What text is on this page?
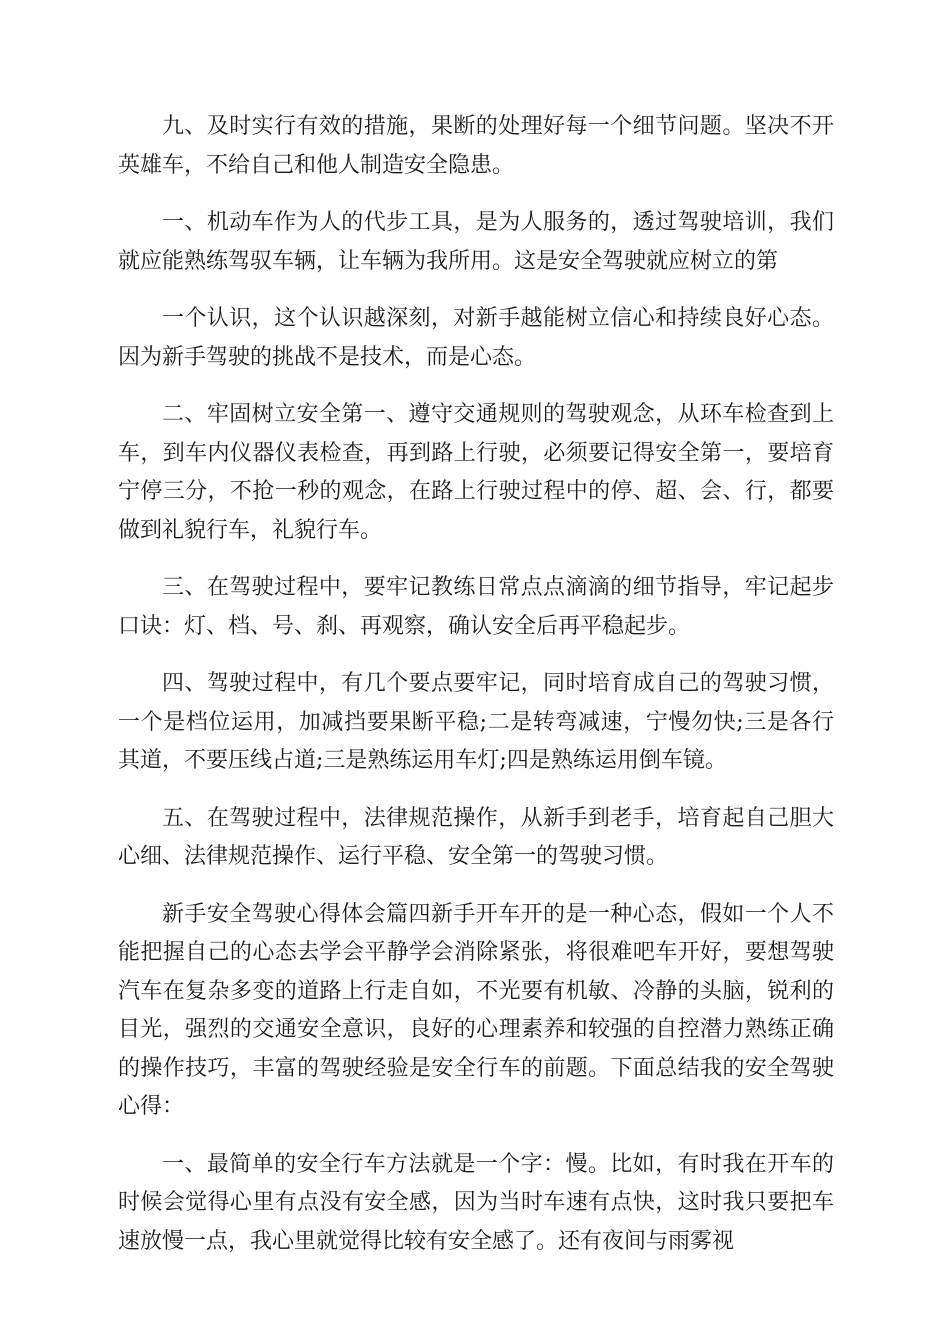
九、及时实行有效的措施，果断的处理好每一个细节问题。坚决不开英雄车，不给自己和他人制造安全隐患。

一、机动车作为人的代步工具，是为人服务的，透过驾驶培训，我们就应能熟练驾驭车辆，让车辆为我所用。这是安全驾驶就应树立的第

一个认识，这个认识越深刻，对新手越能树立信心和持续良好心态。因为新手驾驶的挑战不是技术，而是心态。

二、牢固树立安全第一、遵守交通规则的驾驶观念，从环车检查到上车，到车内仪器仪表检查，再到路上行驶，必须要记得安全第一，要培育宁停三分，不抢一秒的观念，在路上行驶过程中的停、超、会、行，都要做到礼貌行车，礼貌行车。

三、在驾驶过程中，要牢记教练日常点点滴滴的细节指导，牢记起步口诀：灯、档、号、刹、再观察，确认安全后再平稳起步。

四、驾驶过程中，有几个要点要牢记，同时培育成自己的驾驶习惯，一个是档位运用，加减挡要果断平稳;二是转弯减速，宁慢勿快;三是各行其道，不要压线占道;三是熟练运用车灯;四是熟练运用倒车镜。

五、在驾驶过程中，法律规范操作，从新手到老手，培育起自己胆大心细、法律规范操作、运行平稳、安全第一的驾驶习惯。

新手安全驾驶心得体会篇四新手开车开的是一种心态，假如一个人不能把握自己的心态去学会平静学会消除紧张，将很难吧车开好，要想驾驶汽车在复杂多变的道路上行走自如，不光要有机敏、冷静的头脑，锐利的目光，强烈的交通安全意识，良好的心理素养和较强的自控潜力熟练正确的操作技巧，丰富的驾驶经验是安全行车的前题。下面总结我的安全驾驶心得：

一、最简单的安全行车方法就是一个字：慢。比如，有时我在开车的时候会觉得心里有点没有安全感，因为当时车速有点快，这时我只要把车速放慢一点，我心里就觉得比较有安全感了。还有夜间与雨雾视
